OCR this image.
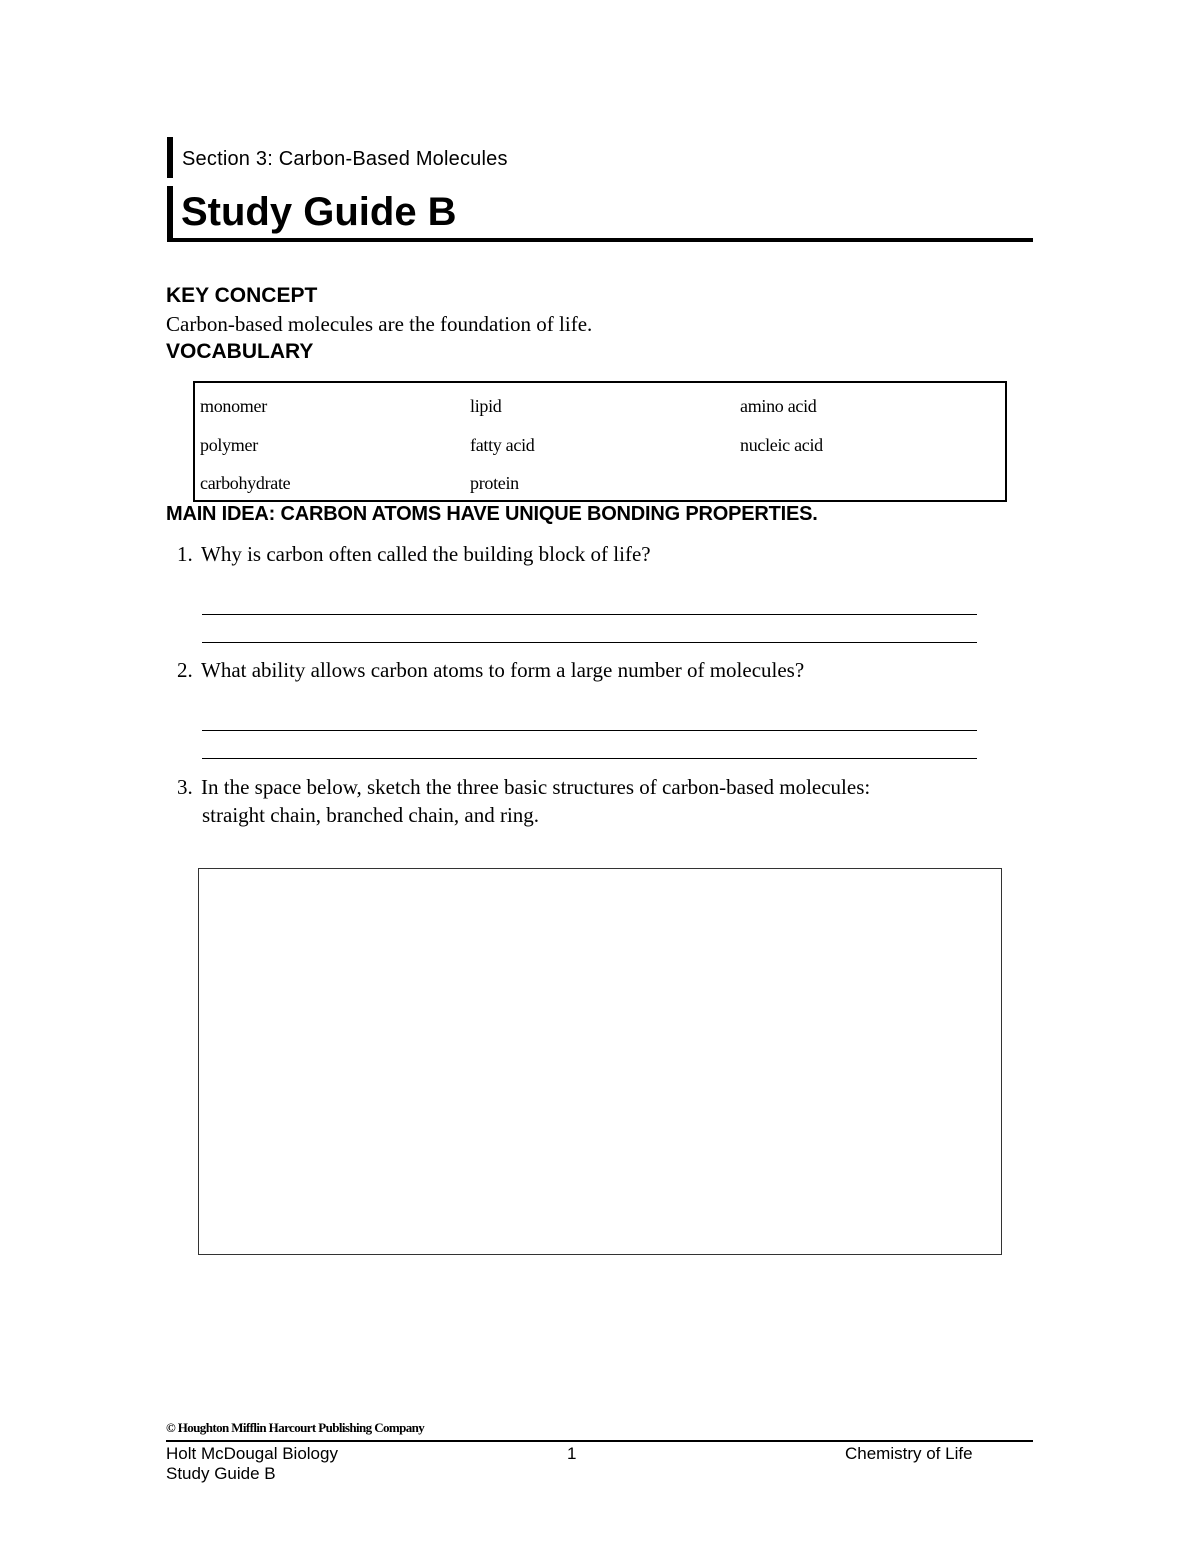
Section 3: Carbon-Based Molecules
Study Guide B
KEY CONCEPT
Carbon-based molecules are the foundation of life.
VOCABULARY
monomer
polymer
carbohydrate
lipid
fatty acid
protein
amino acid
nucleic acid
MAIN IDEA: CARBON ATOMS HAVE UNIQUE BONDING PROPERTIES.
1. Why is carbon often called the building block of life?
2. What ability allows carbon atoms to form a large number of molecules?
3. In the space below, sketch the three basic structures of carbon-based molecules:
straight chain, branched chain, and ring.
© Houghton Mifflin Harcourt Publishing Company
Holt McDougal Biology
Study Guide B
1	Chemistry of Life
